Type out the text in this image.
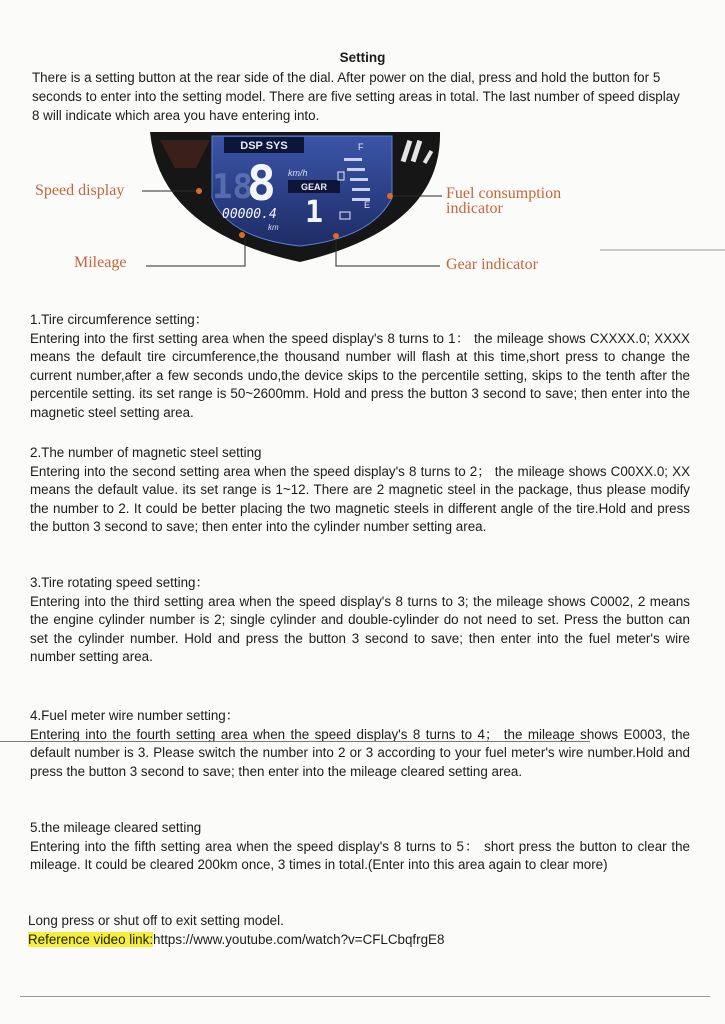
Setting
There is a setting button at the rear side of the dial. After power on the dial, press and hold the button for 5 seconds to enter into the setting model. There are five setting areas in total. The last number of speed display 8 will indicate which area you have entering into.
DSP SYS
18
8 km/h
GEAR
1
00000.4
km
F
E
Speed display	Fuel consumption
indicator
Mileage	Gear indicator
1.Tire circumference setting：
Entering into the first setting area when the speed display's 8 turns to 1： the mileage shows CXXXX.0; XXXX means the default tire circumference,the thousand number will flash at this time,short press to change the current number,after a few seconds undo,the device skips to the percentile setting, skips to the tenth after the percentile setting. its set range is 50~2600mm. Hold and press the button 3 second to save; then enter into the magnetic steel setting area.
2.The number of magnetic steel setting
Entering into the second setting area when the speed display's 8 turns to 2； the mileage shows C00XX.0; XX means the default value. its set range is 1~12. There are 2 magnetic steel in the package, thus please modify the number to 2. It could be better placing the two magnetic steels in different angle of the tire.Hold and press the button 3 second to save; then enter into the cylinder number setting area.
3.Tire rotating speed setting：
Entering into the third setting area when the speed display's 8 turns to 3; the mileage shows C0002, 2 means the engine cylinder number is 2; single cylinder and double-cylinder do not need to set. Press the button can set the cylinder number. Hold and press the button 3 second to save; then enter into the fuel meter's wire number setting area.
4.Fuel meter wire number setting：
Entering into the fourth setting area when the speed display's 8 turns to 4； the mileage shows E0003, the default number is 3. Please switch the number into 2 or 3 according to your fuel meter's wire number.Hold and press the button 3 second to save; then enter into the mileage cleared setting area.
5.the mileage cleared setting
Entering into the fifth setting area when the speed display's 8 turns to 5： short press the button to clear the mileage. It could be cleared 200km once, 3 times in total.(Enter into this area again to clear more)
Long press or shut off to exit setting model.
Reference video link:https://www.youtube.com/watch?v=CFLCbqfrgE8
